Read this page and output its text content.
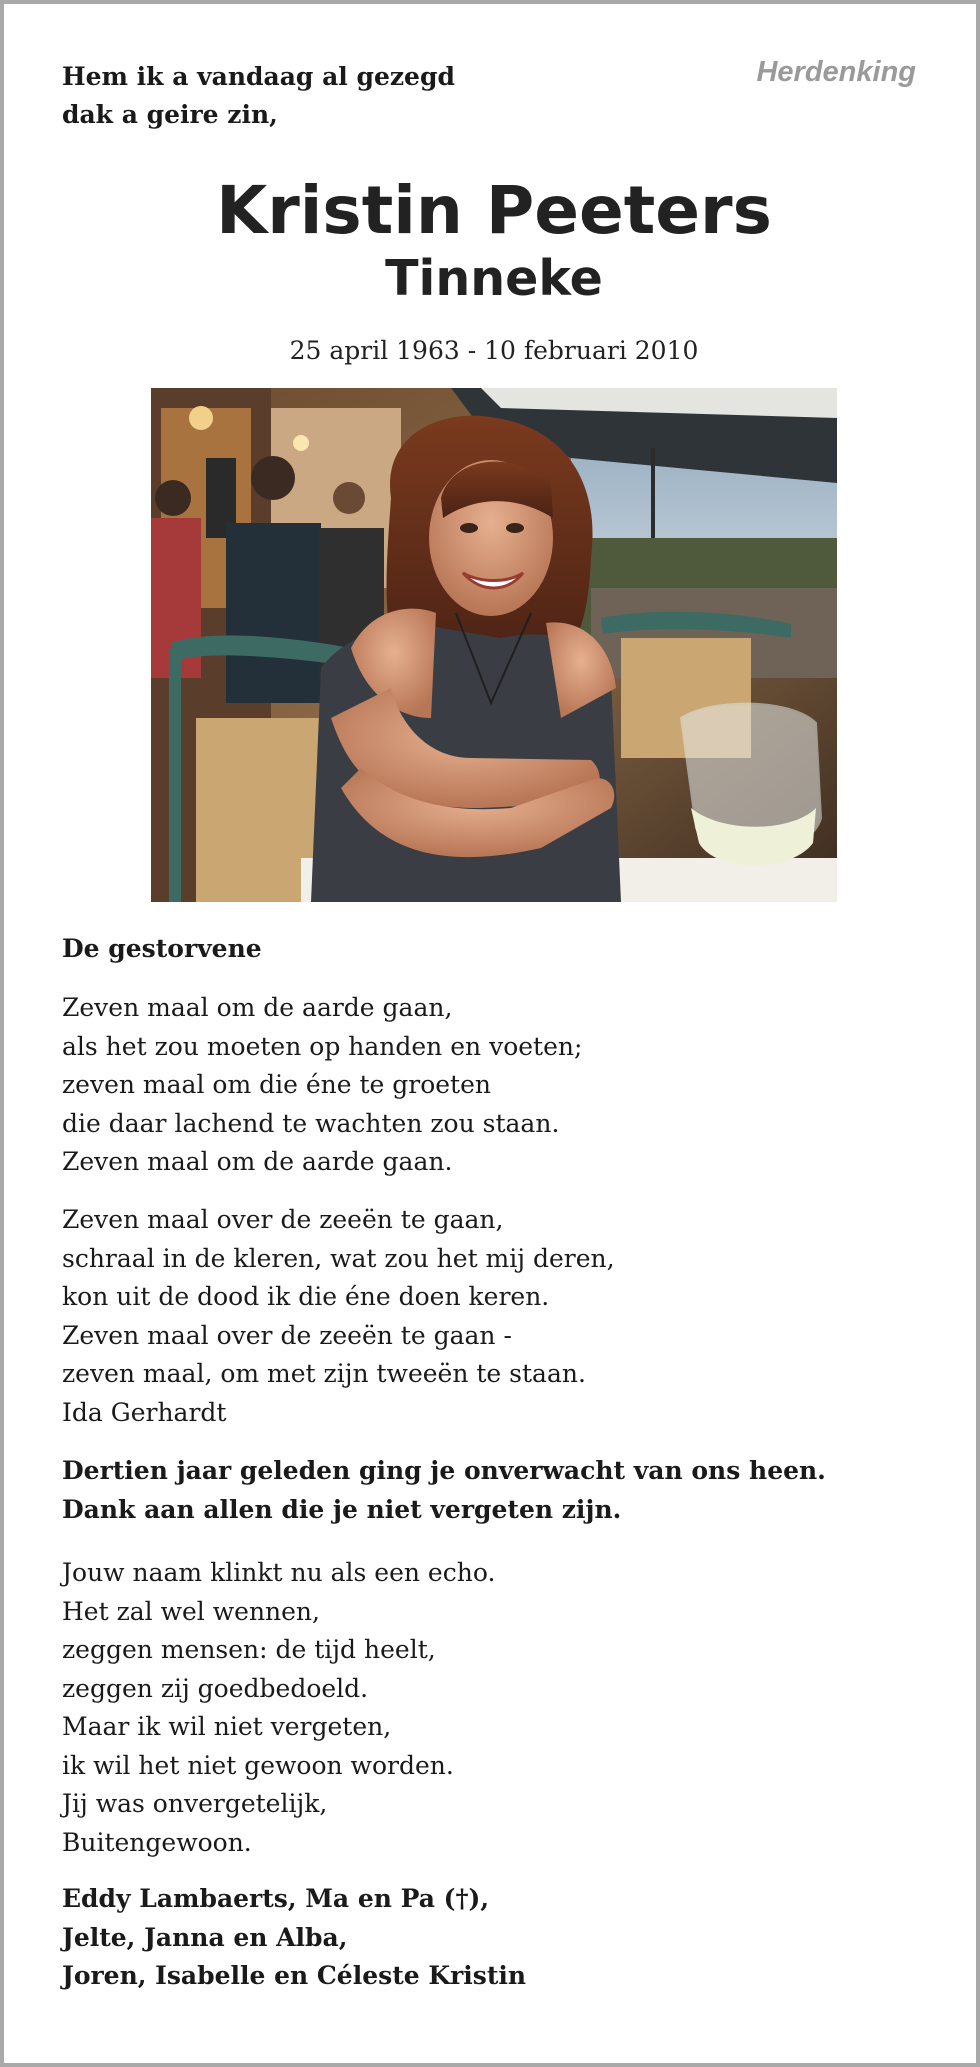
Hem ik a vandaag al gezegd
dak a geire zin,
Herdenking
Kristin Peeters
Tinneke
25 april 1963 - 10 februari 2010
De gestorvene
Zeven maal om de aarde gaan,
als het zou moeten op handen en voeten;
zeven maal om die éne te groeten
die daar lachend te wachten zou staan.
Zeven maal om de aarde gaan.
Zeven maal over de zeeën te gaan,
schraal in de kleren, wat zou het mij deren,
kon uit de dood ik die éne doen keren.
Zeven maal over de zeeën te gaan -
zeven maal, om met zijn tweeën te staan.
Ida Gerhardt
Dertien jaar geleden ging je onverwacht van ons heen.
Dank aan allen die je niet vergeten zijn.
Jouw naam klinkt nu als een echo.
Het zal wel wennen,
zeggen mensen: de tijd heelt,
zeggen zij goedbedoeld.
Maar ik wil niet vergeten,
ik wil het niet gewoon worden.
Jij was onvergetelijk,
Buitengewoon.
Eddy Lambaerts, Ma en Pa (†),
Jelte, Janna en Alba,
Joren, Isabelle en Céleste Kristin
